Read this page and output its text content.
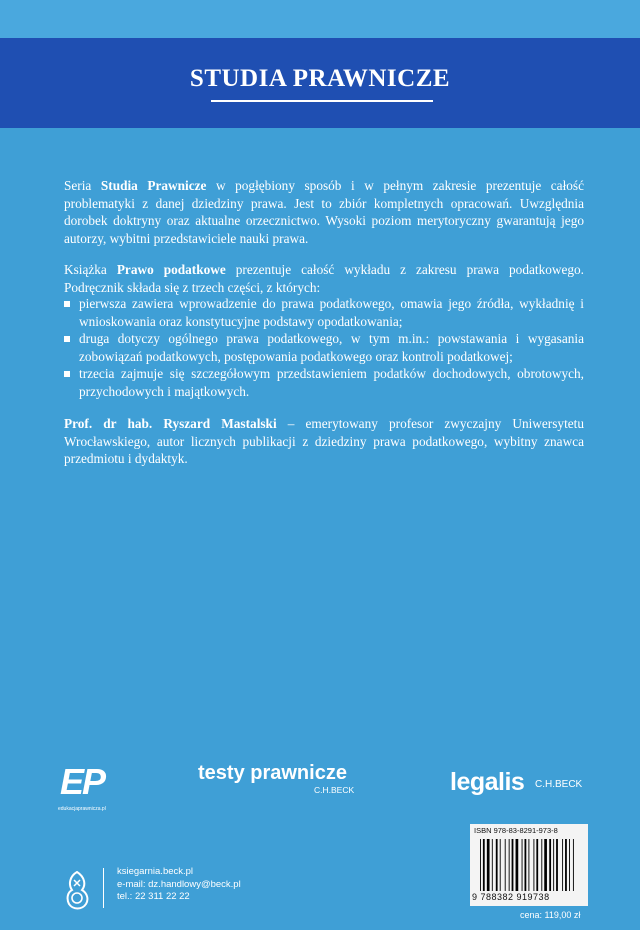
STUDIA PRAWNICZE
Seria Studia Prawnicze w pogłębiony sposób i w pełnym zakresie prezentuje całość problematyki z danej dziedziny prawa. Jest to zbiór kompletnych opracowań. Uwzględnia dorobek doktryny oraz aktualne orzecznictwo. Wysoki poziom merytoryczny gwarantują jego autorzy, wybitni przedstawiciele nauki prawa.
Książka Prawo podatkowe prezentuje całość wykładu z zakresu prawa podatkowego. Podręcznik składa się z trzech części, z których:
pierwsza zawiera wprowadzenie do prawa podatkowego, omawia jego źródła, wykładnię i wnioskowania oraz konstytucyjne podstawy opodatkowania;
druga dotyczy ogólnego prawa podatkowego, w tym m.in.: powstawania i wygasania zobowiązań podatkowych, postępowania podatkowego oraz kontroli podatkowej;
trzecia zajmuje się szczegółowym przedstawieniem podatków dochodowych, obrotowych, przychodowych i majątkowych.
Prof. dr hab. Ryszard Mastalski – emerytowany profesor zwyczajny Uniwersytetu Wrocławskiego, autor licznych publikacji z dziedziny prawa podatkowego, wybitny znawca przedmiotu i dydaktyk.
EP
edukacjaprawnicza.pl
testy prawnicze
C.H.BECK	legalis C.H.BECK
ksiegarnia.beck.pl
e-mail: dz.handlowy@beck.pl
tel.: 22 311 22 22
ISBN 978-83-8291-973-8
9 788382 919738
cena: 119,00 zł
